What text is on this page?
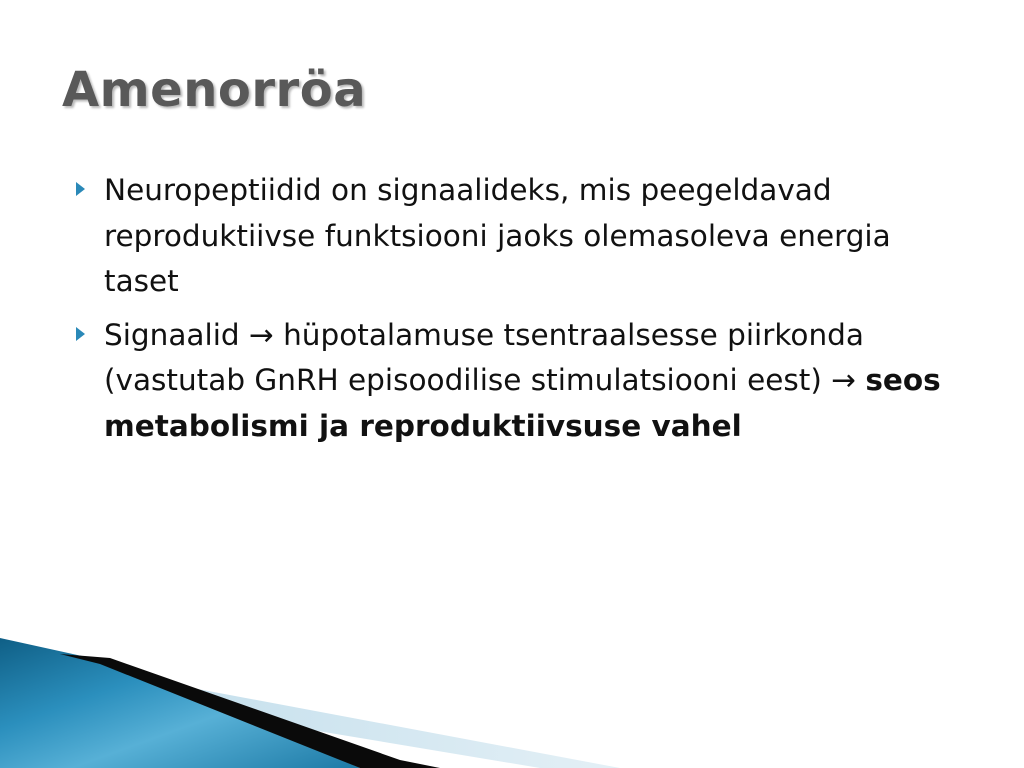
Amenorröa
Neuropeptiidid on signaalideks, mis peegeldavad reproduktiivse funktsiooni jaoks olemasoleva energia taset
Signaalid → hüpotalamuse tsentraalsesse piirkonda (vastutab GnRH episoodilise stimulatsiooni eest) → seos metabolismi ja reproduktiivsuse vahel
